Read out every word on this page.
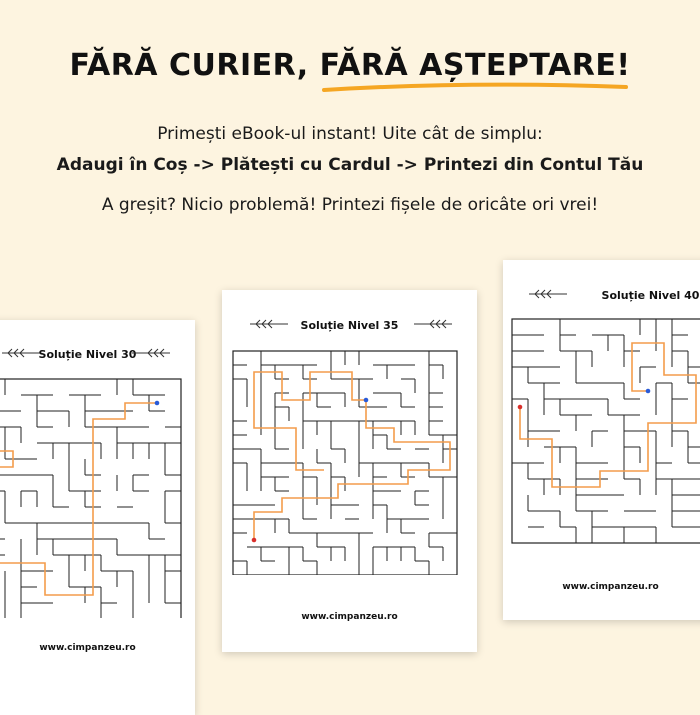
FĂRĂ CURIER, FĂRĂ AȘTEPTARE!
Primești eBook-ul instant! Uite cât de simplu:
Adaugi în Coș -> Plătești cu Cardul -> Printezi din Contul Tău
A greșit? Nicio problemă! Printezi fișele de oricâte ori vrei!
Soluție Nivel 30
www.cimpanzeu.ro
Soluție Nivel 35
www.cimpanzeu.ro
Soluție Nivel 40
www.cimpanzeu.ro
